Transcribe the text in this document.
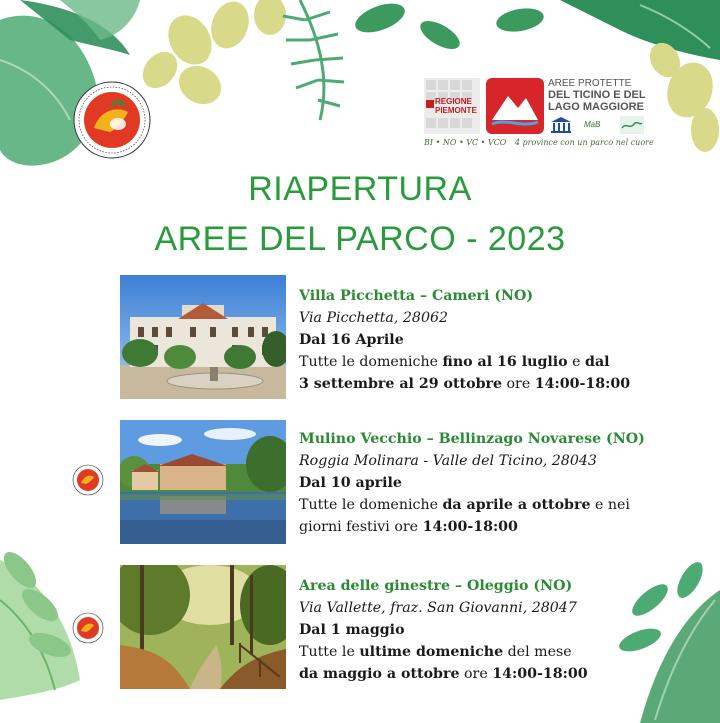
REGIONE
PIEMONTE
AREE PROTETTE
DEL TICINO E DEL
LAGO MAGGIORE
MaB
BI • NO • VC • VCO 4 province con un parco nel cuore
RIAPERTURA
AREE DEL PARCO - 2023
Villa Picchetta – Cameri (NO)
Via Picchetta, 28062
Dal 16 Aprile
Tutte le domeniche fino al 16 luglio e dal
3 settembre al 29 ottobre ore 14:00-18:00
Mulino Vecchio – Bellinzago Novarese (NO)
Roggia Molinara - Valle del Ticino, 28043
Dal 10 aprile
Tutte le domeniche da aprile a ottobre e nei
giorni festivi ore 14:00-18:00
Area delle ginestre – Oleggio (NO)
Via Vallette, fraz. San Giovanni, 28047
Dal 1 maggio
Tutte le ultime domeniche del mese
da maggio a ottobre ore 14:00-18:00
